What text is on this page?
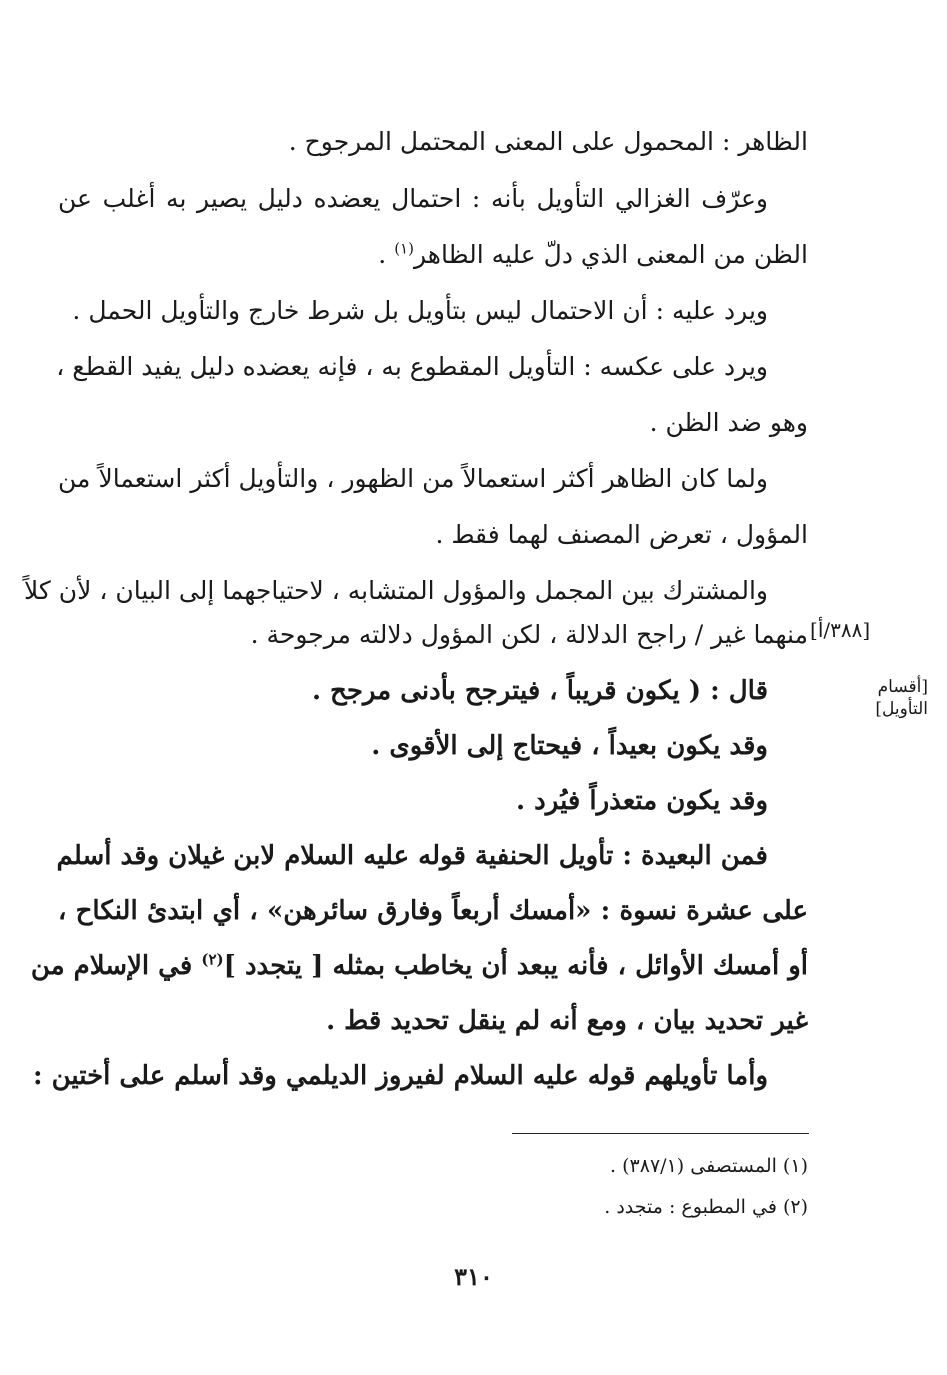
الظاهر : المحمول على المعنى المحتمل المرجوح .
وعرّف الغزالي التأويل بأنه : احتمال يعضده دليل يصير به أغلب عن
الظن من المعنى الذي دلّ عليه الظاهر$^{(١)}$ .
ويرد عليه : أن الاحتمال ليس بتأويل بل شرط خارج والتأويل الحمل .
ويرد على عكسه : التأويل المقطوع به ، فإنه يعضده دليل يفيد القطع ،
وهو ضد الظن .
ولما كان الظاهر أكثر استعمالاً من الظهور ، والتأويل أكثر استعمالاً من
المؤول ، تعرض المصنف لهما فقط .
والمشترك بين المجمل والمؤول المتشابه ، لاحتياجهما إلى البيان ، لأن كلاً
منهما غير / راجح الدلالة ، لكن المؤول دلالته مرجوحة .
قال : ( يكون قريباً ، فيترجح بأدنى مرجح .
وقد يكون بعيداً ، فيحتاج إلى الأقوى .
وقد يكون متعذراً فيُرد .
فمن البعيدة : تأويل الحنفية قوله عليه السلام لابن غيلان وقد أسلم
على عشرة نسوة : «أمسك أربعاً وفارق سائرهن» ، أي ابتدئ النكاح ،
أو أمسك الأوائل ، فأنه يبعد أن يخاطب بمثله [ يتجدد ]$^{(٢)}$ في الإسلام من
غير تحديد بيان ، ومع أنه لم ينقل تحديد قط .
وأما تأويلهم قوله عليه السلام لفيروز الديلمي وقد أسلم على أختين :
[٣٨٨/أ]
[أقسام
التأويل]
(١) المستصفى (٣٨٧/١) .
(٢) في المطبوع : متجدد .
٣١٠
